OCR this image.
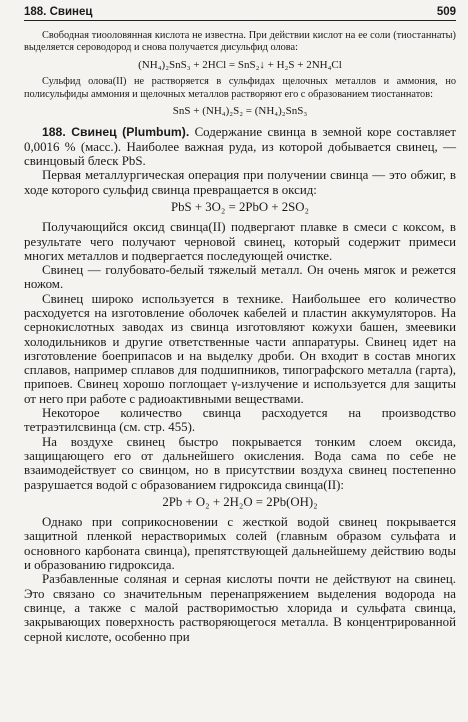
188. Свинец	509

Свободная тиооловянная кислота не известна. При действии кислот на ее соли (тиостаннаты) выделяется сероводород и снова получается дисульфид олова:

(NH₄)₂SnS₃ + 2HCl = SnS₂↓ + H₂S + 2NH₄Cl

Сульфид олова(II) не растворяется в сульфидах щелочных металлов и аммония, но полисульфиды аммония и щелочных металлов растворяют его с образованием тиостаннатов:

SnS + (NH₄)₂S₂ = (NH₄)₂SnS₃

188. Свинец (Plumbum). Содержание свинца в земной коре составляет 0,0016 % (масс.). Наиболее важная руда, из которой добывается свинец, — свинцовый блеск PbS.

Первая металлургическая операция при получении свинца — это обжиг, в ходе которого сульфид свинца превращается в оксид:

PbS + 3O₂ = 2PbO + 2SO₂

Получающийся оксид свинца(II) подвергают плавке в смеси с коксом, в результате чего получают черновой свинец, который содержит примеси многих металлов и подвергается последующей очистке.

Свинец — голубовато-белый тяжелый металл. Он очень мягок и режется ножом.

Свинец широко используется в технике. Наибольшее его количество расходуется на изготовление оболочек кабелей и пластин аккумуляторов. На сернокислотных заводах из свинца изготовляют кожухи башен, змеевики холодильников и другие ответственные части аппаратуры. Свинец идет на изготовление боеприпасов и на выделку дроби. Он входит в состав многих сплавов, например сплавов для подшипников, типографского металла (гарта), припоев. Свинец хорошо поглощает γ-излучение и используется для защиты от него при работе с радиоактивными веществами.

Некоторое количество свинца расходуется на производство тетраэтилсвинца (см. стр. 455).

На воздухе свинец быстро покрывается тонким слоем оксида, защищающего его от дальнейшего окисления. Вода сама по себе не взаимодействует со свинцом, но в присутствии воздуха свинец постепенно разрушается водой с образованием гидроксида свинца(II):

2Pb + O₂ + 2H₂O = 2Pb(OH)₂

Однако при соприкосновении с жесткой водой свинец покрывается защитной пленкой нерастворимых солей (главным образом сульфата и основного карбоната свинца), препятствующей дальнейшему действию воды и образованию гидроксида.

Разбавленные соляная и серная кислоты почти не действуют на свинец. Это связано со значительным перенапряжением выделения водорода на свинце, а также с малой растворимостью хлорида и сульфата свинца, закрывающих поверхность растворяющегося металла. В концентрированной серной кислоте, особенно при
